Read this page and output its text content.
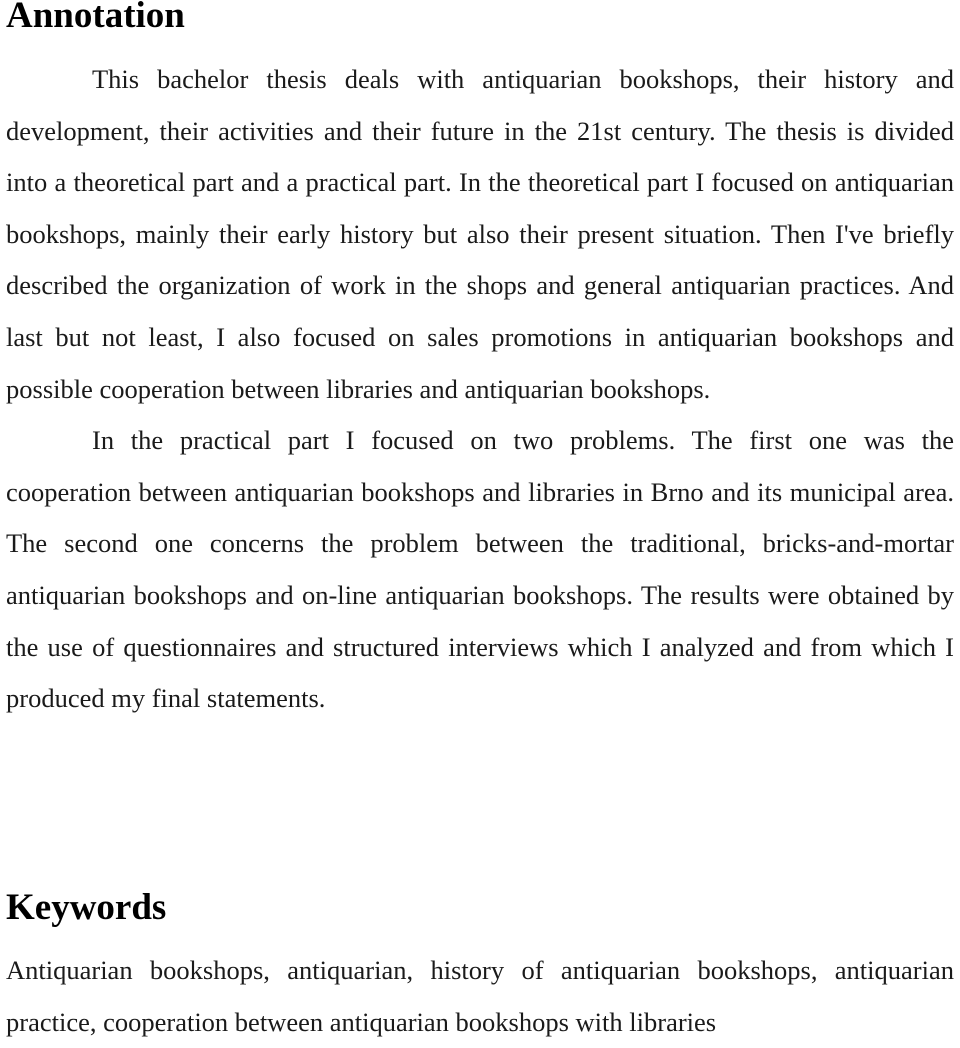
Annotation

This bachelor thesis deals with antiquarian bookshops, their history and development, their activities and their future in the 21st century. The thesis is divided into a theoretical part and a practical part. In the theoretical part I focused on antiquarian bookshops, mainly their early history but also their present situation. Then I've briefly described the organization of work in the shops and general antiquarian practices. And last but not least, I also focused on sales promotions in antiquarian bookshops and possible cooperation between libraries and antiquarian bookshops.

In the practical part I focused on two problems. The first one was the cooperation between antiquarian bookshops and libraries in Brno and its municipal area. The second one concerns the problem between the traditional, bricks-and-mortar antiquarian bookshops and on-line antiquarian bookshops. The results were obtained by the use of questionnaires and structured interviews which I analyzed and from which I produced my final statements.

Keywords

Antiquarian bookshops, antiquarian, history of antiquarian bookshops, antiquarian practice, cooperation between antiquarian bookshops with libraries
